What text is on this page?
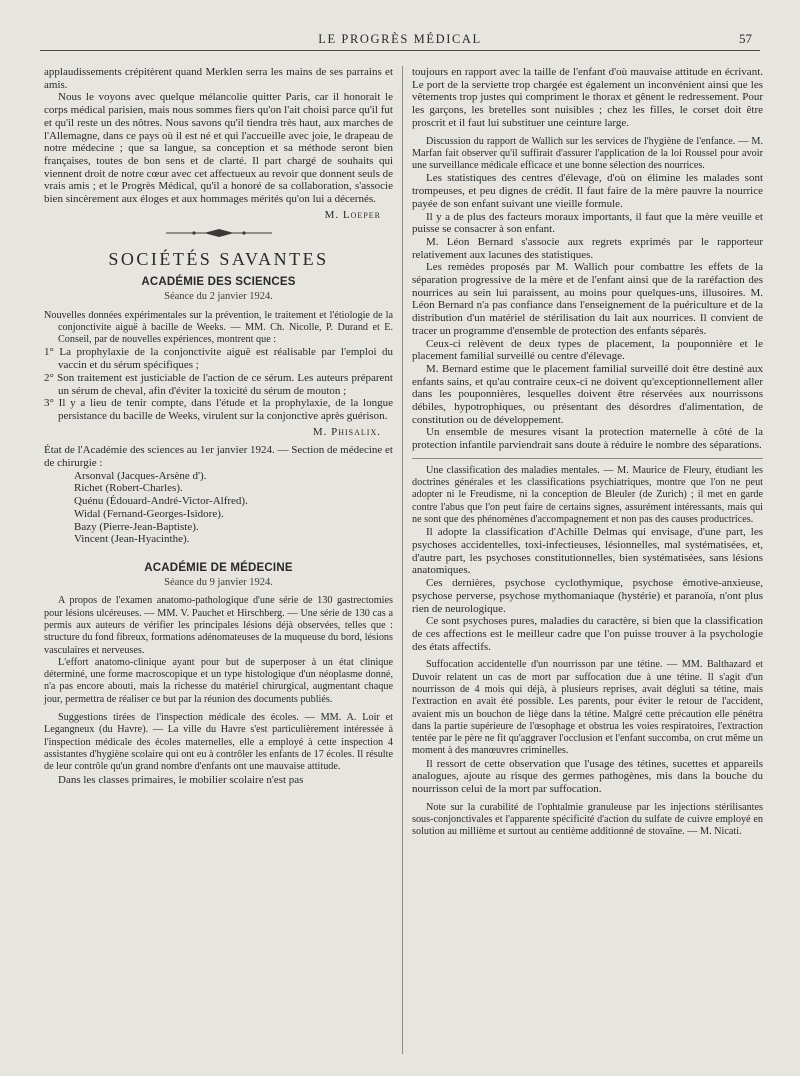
LE PROGRÈS MÉDICAL	57

applaudissements crépitèrent quand Merklen serra les mains de ses parrains et amis.

Nous le voyons avec quelque mélancolie quitter Paris, car il honorait le corps médical parisien, mais nous sommes fiers qu'on l'ait choisi parce qu'il fut et qu'il reste un des nôtres. Nous savons qu'il tiendra très haut, aux marches de l'Allemagne, dans ce pays où il est né et qui l'accueille avec joie, le drapeau de notre médecine ; que sa langue, sa conception et sa méthode seront bien françaises, toutes de bon sens et de clarté. Il part chargé de souhaits qui viennent droit de notre cœur avec cet affectueux au revoir que donnent seuls de vrais amis ; et le Progrès Médical, qu'il a honoré de sa collaboration, s'associe bien sincèrement aux éloges et aux hommages mérités qu'on lui a décernés.

M. Loeper
SOCIÉTÉS SAVANTES
ACADÉMIE DES SCIENCES
Séance du 2 janvier 1924.

Nouvelles données expérimentales sur la prévention, le traitement et l'étiologie de la conjonctivite aiguë à bacille de Weeks. — MM. Ch. Nicolle, P. Durand et E. Conseil, par de nouvelles expériences, montrent que :

1° La prophylaxie de la conjonctivite aiguë est réalisable par l'emploi du vaccin et du sérum spécifiques ;

2° Son traitement est justiciable de l'action de ce sérum. Les auteurs préparent un sérum de cheval, afin d'éviter la toxicité du sérum de mouton ;

3° Il y a lieu de tenir compte, dans l'étude et la prophylaxie, de la longue persistance du bacille de Weeks, virulent sur la conjonctive après guérison.

M. Phisalix.

État de l'Académie des sciences au 1er janvier 1924. — Section de médecine et de chirurgie :

Arsonval (Jacques-Arsène d').

Richet (Robert-Charles).

Quénu (Édouard-André-Victor-Alfred).

Widal (Fernand-Georges-Isidore).

Bazy (Pierre-Jean-Baptiste).

Vincent (Jean-Hyacinthe).

ACADÉMIE DE MÉDECINE
Séance du 9 janvier 1924.

A propos de l'examen anatomo-pathologique d'une série de 130 gastrectomies pour lésions ulcéreuses. — MM. V. Pauchet et Hirschberg. — Une série de 130 cas a permis aux auteurs de vérifier les principales lésions déjà observées, telles que : structure du fond fibreux, formations adénomateuses de la muqueuse du bord, lésions vasculaires et nerveuses.

L'effort anatomo-clinique ayant pour but de superposer à un état clinique déterminé, une forme macroscopique et un type histologique d'un néoplasme donné, n'a pas encore abouti, mais la richesse du matériel chirurgical, augmentant chaque jour, permettra de réaliser ce but par la réunion des documents publiés.

Suggestions tirées de l'inspection médicale des écoles. — MM. A. Loir et Legangneux (du Havre). — La ville du Havre s'est particulièrement intéressée à l'inspection médicale des écoles maternelles, elle a employé à cette inspection 4 assistantes d'hygiène scolaire qui ont eu à contrôler les enfants de 17 écoles. Il résulte de leur contrôle qu'un grand nombre d'enfants ont une mauvaise attitude.

Dans les classes primaires, le mobilier scolaire n'est pas

toujours en rapport avec la taille de l'enfant d'où mauvaise attitude en écrivant. Le port de la serviette trop chargée est également un inconvénient ainsi que les vêtements trop justes qui compriment le thorax et gênent le redressement. Pour les garçons, les bretelles sont nuisibles ; chez les filles, le corset doit être proscrit et il faut lui substituer une ceinture large.

Discussion du rapport de Wallich sur les services de l'hygiène de l'enfance. — M. Marfan fait observer qu'il suffirait d'assurer l'application de la loi Roussel pour avoir une surveillance médicale efficace et une bonne sélection des nourrices.

Les statistiques des centres d'élevage, d'où on élimine les malades sont trompeuses, et peu dignes de crédit. Il faut faire de la mère pauvre la nourrice payée de son enfant suivant une vieille formule.

Il y a de plus des facteurs moraux importants, il faut que la mère veuille et puisse se consacrer à son enfant.

M. Léon Bernard s'associe aux regrets exprimés par le rapporteur relativement aux lacunes des statistiques.

Les remèdes proposés par M. Wallich pour combattre les effets de la séparation progressive de la mère et de l'enfant ainsi que de la raréfaction des nourrices au sein lui paraissent, au moins pour quelques-uns, illusoires. M. Léon Bernard n'a pas confiance dans l'enseignement de la puériculture et de la distribution d'un matériel de stérilisation du lait aux nourrices. Il convient de tracer un programme d'ensemble de protection des enfants séparés.

Ceux-ci relèvent de deux types de placement, la pouponnière et le placement familial surveillé ou centre d'élevage.

M. Bernard estime que le placement familial surveillé doit être destiné aux enfants sains, et qu'au contraire ceux-ci ne doivent qu'exceptionnellement aller dans les pouponnières, lesquelles doivent être réservées aux nourrissons débiles, hypotrophiques, ou présentant des désordres d'alimentation, de constitution ou de développement.

Un ensemble de mesures visant la protection maternelle à côté de la protection infantile parviendrait sans doute à réduire le nombre des séparations.

Une classification des maladies mentales. — M. Maurice de Fleury, étudiant les doctrines générales et les classifications psychiatriques, montre que l'on ne peut adopter ni le Freudisme, ni la conception de Bleuler (de Zurich) ; il met en garde contre l'abus que l'on peut faire de certains signes, assurément intéressants, mais qui ne sont que des phénomènes d'accompagnement et non pas des causes productrices.

Il adopte la classification d'Achille Delmas qui envisage, d'une part, les psychoses accidentelles, toxi-infectieuses, lésionnelles, mal systématisées, et, d'autre part, les psychoses constitutionnelles, bien systématisées, sans lésions anatomiques.

Ces dernières, psychose cyclothymique, psychose émotive-anxieuse, psychose perverse, psychose mythomaniaque (hystérie) et paranoïa, n'ont plus rien de neurologique.

Ce sont psychoses pures, maladies du caractère, si bien que la classification de ces affections est le meilleur cadre que l'on puisse trouver à la psychologie des états affectifs.

Suffocation accidentelle d'un nourrisson par une tétine. — MM. Balthazard et Duvoir relatent un cas de mort par suffocation due à une tétine. Il s'agit d'un nourrisson de 4 mois qui déjà, à plusieurs reprises, avait dégluti sa tétine, mais l'extraction en avait été possible. Les parents, pour éviter le retour de l'accident, avaient mis un bouchon de liège dans la tétine. Malgré cette précaution elle pénétra dans la partie supérieure de l'œsophage et obstrua les voies respiratoires, l'extraction tentée par le père ne fit qu'aggraver l'occlusion et l'enfant succomba, on crut même un moment à des manœuvres criminelles.

Il ressort de cette observation que l'usage des tétines, sucettes et appareils analogues, ajoute au risque des germes pathogènes, mis dans la bouche du nourrisson celui de la mort par suffocation.

Note sur la curabilité de l'ophtalmie granuleuse par les injections stérilisantes sous-conjonctivales et l'apparente spécificité d'action du sulfate de cuivre employé en solution au millième et surtout au centième additionné de stovaïne. — M. Nicati.
